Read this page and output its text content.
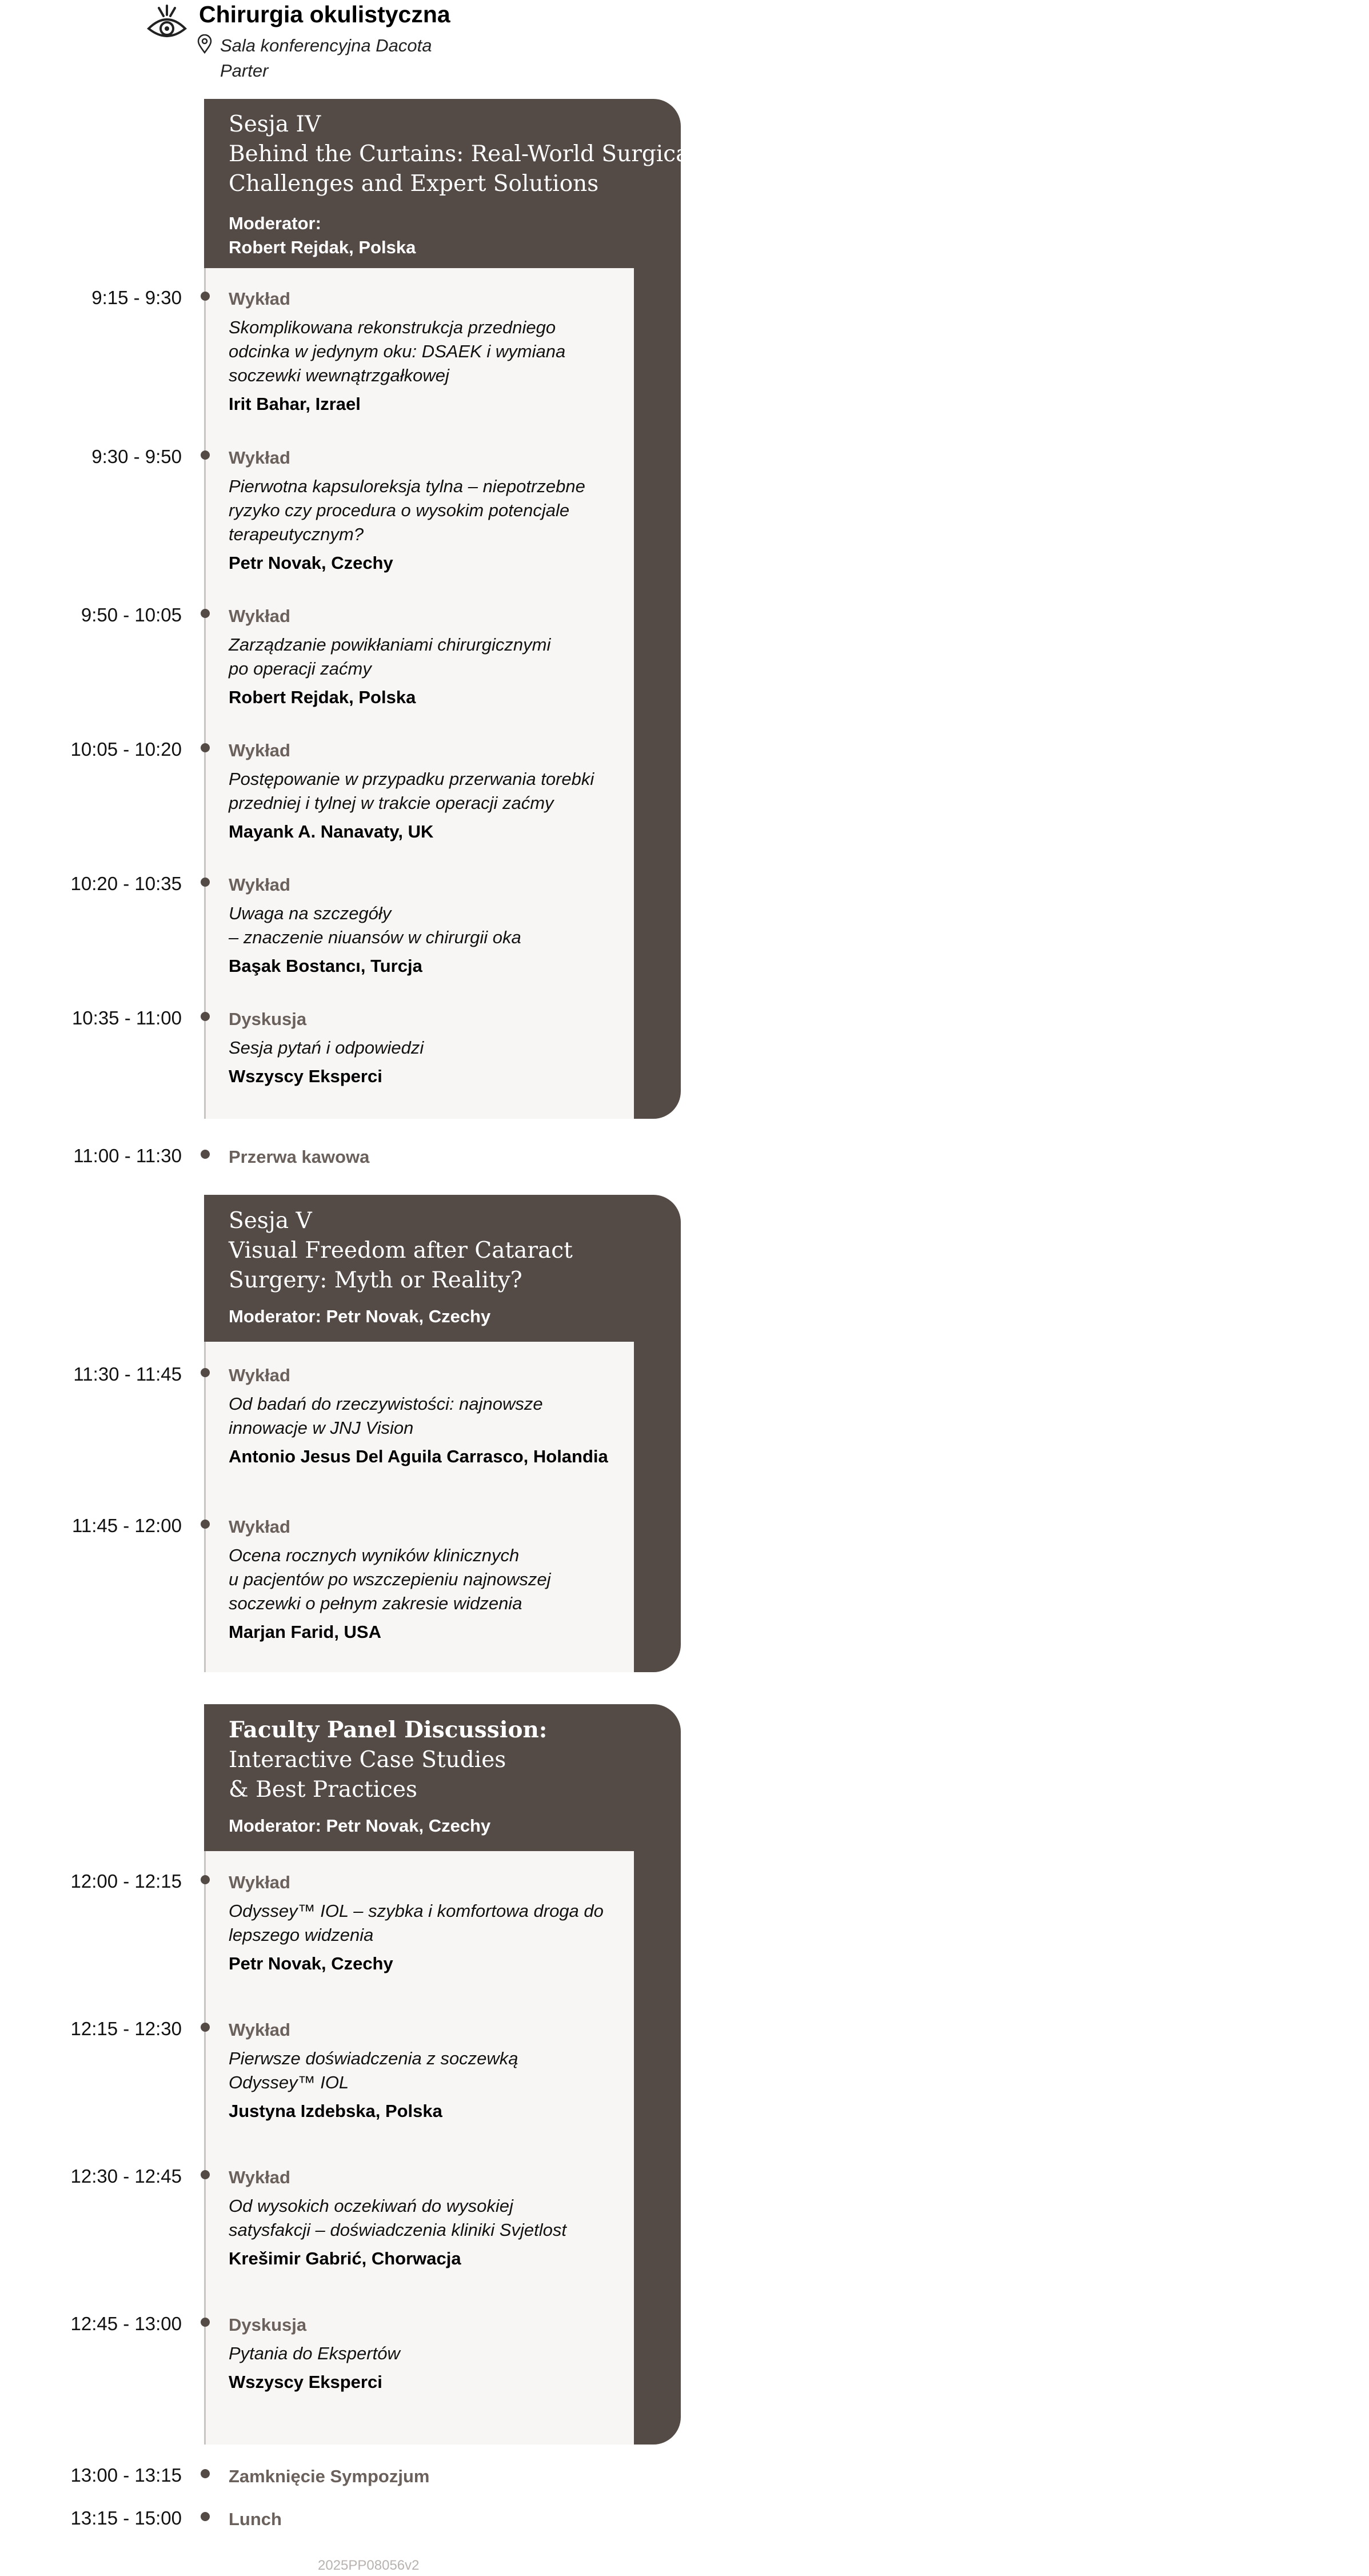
Chirurgia okulistyczna
Sala konferencyjna Dacota
Parter
Sesja IV
Behind the Curtains: Real-World Surgical
Challenges and Expert Solutions
Moderator:
Robert Rejdak, Polska
9:15 - 9:30	Wykład
Skomplikowana rekonstrukcja przedniego
odcinka w jedynym oku: DSAEK i wymiana
soczewki wewnątrzgałkowej
Irit Bahar, Izrael
9:30 - 9:50	Wykład
Pierwotna kapsuloreksja tylna – niepotrzebne
ryzyko czy procedura o wysokim potencjale
terapeutycznym?
Petr Novak, Czechy
9:50 - 10:05	Wykład
Zarządzanie powikłaniami chirurgicznymi
po operacji zaćmy
Robert Rejdak, Polska
10:05 - 10:20	Wykład
Postępowanie w przypadku przerwania torebki
przedniej i tylnej w trakcie operacji zaćmy
Mayank A. Nanavaty, UK
10:20 - 10:35	Wykład
Uwaga na szczegóły
– znaczenie niuansów w chirurgii oka
Başak Bostancı, Turcja
10:35 - 11:00	Dyskusja
Sesja pytań i odpowiedzi
Wszyscy Eksperci
11:00 - 11:30	Przerwa kawowa
Sesja V
Visual Freedom after Cataract
Surgery: Myth or Reality?
Moderator: Petr Novak, Czechy
11:30 - 11:45	Wykład
Od badań do rzeczywistości: najnowsze
innowacje w JNJ Vision
Antonio Jesus Del Aguila Carrasco, Holandia
11:45 - 12:00	Wykład
Ocena rocznych wyników klinicznych
u pacjentów po wszczepieniu najnowszej
soczewki o pełnym zakresie widzenia
Marjan Farid, USA
Faculty Panel Discussion:
Interactive Case Studies
& Best Practices
Moderator: Petr Novak, Czechy
12:00 - 12:15	Wykład
Odyssey™ IOL – szybka i komfortowa droga do
lepszego widzenia
Petr Novak, Czechy
12:15 - 12:30	Wykład
Pierwsze doświadczenia z soczewką
Odyssey™ IOL
Justyna Izdebska, Polska
12:30 - 12:45	Wykład
Od wysokich oczekiwań do wysokiej
satysfakcji – doświadczenia kliniki Svjetlost
Krešimir Gabrić, Chorwacja
12:45 - 13:00	Dyskusja
Pytania do Ekspertów
Wszyscy Eksperci
13:00 - 13:15	Zamknięcie Sympozjum
13:15 - 15:00	Lunch
2025PP08056v2
